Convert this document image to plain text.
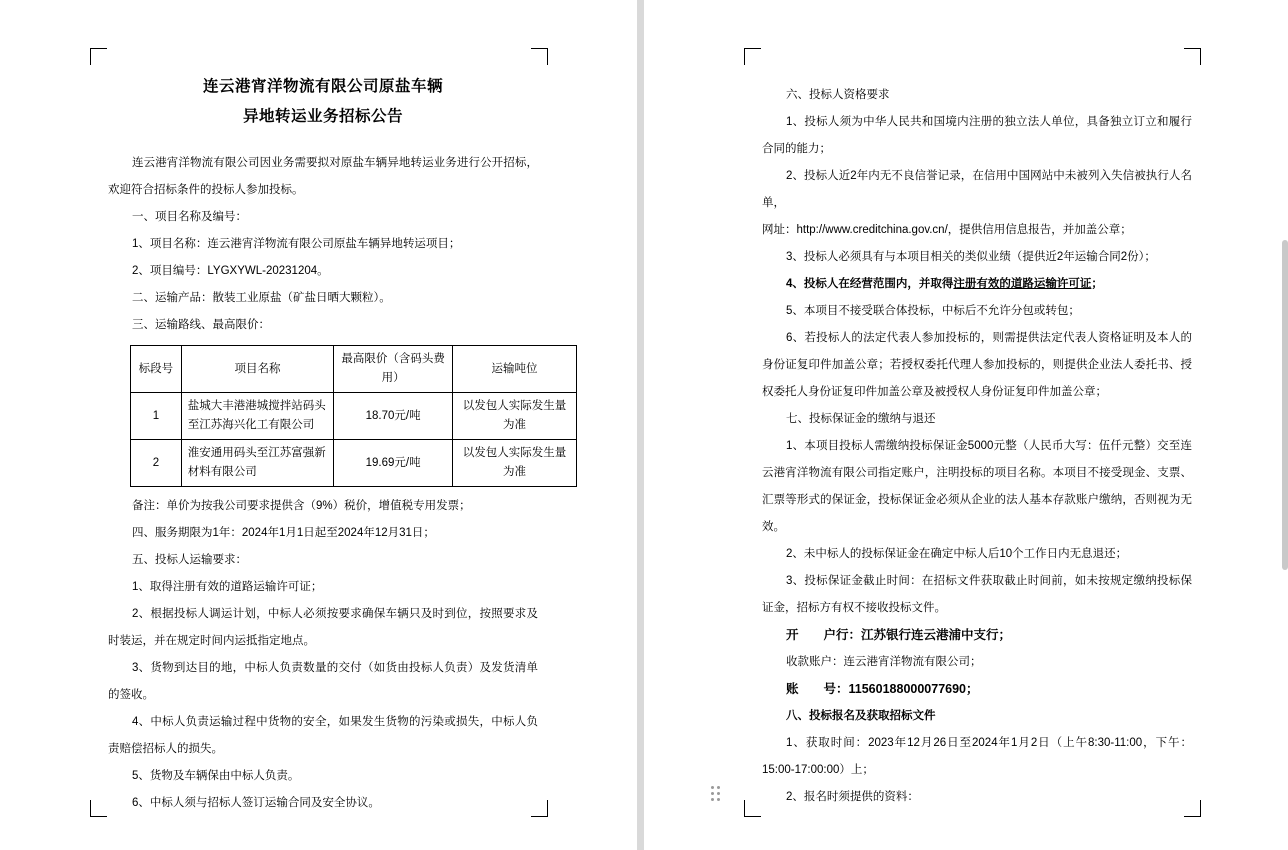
连云港宵洋物流有限公司原盐车辆
异地转运业务招标公告

连云港宵洋物流有限公司因业务需要拟对原盐车辆异地转运业务进行公开招标，欢迎符合招标条件的投标人参加投标。

一、项目名称及编号：

1、项目名称：连云港宵洋物流有限公司原盐车辆异地转运项目；

2、项目编号：LYGXYWL-20231204。

二、运输产品：散装工业原盐（矿盐日晒大颗粒）。

三、运输路线、最高限价：

标段号	项目名称	最高限价（含码头费用）	运输吨位
1	盐城大丰港港城搅拌站码头至江苏海兴化工有限公司	18.70元/吨	以发包人实际发生量为准
2	淮安通用码头至江苏富强新材料有限公司	19.69元/吨	以发包人实际发生量为准

备注：单价为按我公司要求提供含（9%）税价，增值税专用发票；

四、服务期限为1年：2024年1月1日起至2024年12月31日；

五、投标人运输要求：

1、取得注册有效的道路运输许可证；

2、根据投标人调运计划，中标人必须按要求确保车辆只及时到位，按照要求及时装运，并在规定时间内运抵指定地点。

3、货物到达目的地，中标人负责数量的交付（如货由投标人负责）及发货清单的签收。

4、中标人负责运输过程中货物的安全，如果发生货物的污染或损失，中标人负责赔偿招标人的损失。

5、货物及车辆保由中标人负责。

6、中标人须与招标人签订运输合同及安全协议。

六、投标人资格要求

1、投标人须为中华人民共和国境内注册的独立法人单位，具备独立订立和履行合同的能力；

2、投标人近2年内无不良信誉记录，在信用中国网站中未被列入失信被执行人名单，

网址：http://www.creditchina.gov.cn/，提供信用信息报告，并加盖公章；

3、投标人必须具有与本项目相关的类似业绩（提供近2年运输合同2份）；

4、投标人在经营范围内，并取得注册有效的道路运输许可证；

5、本项目不接受联合体投标，中标后不允许分包或转包；

6、若投标人的法定代表人参加投标的，则需提供法定代表人资格证明及本人的身份证复印件加盖公章；若授权委托代理人参加投标的，则提供企业法人委托书、授权委托人身份证复印件加盖公章及被授权人身份证复印件加盖公章；

七、投标保证金的缴纳与退还

1、本项目投标人需缴纳投标保证金5000元整（人民币大写：伍仟元整）交至连云港宵洋物流有限公司指定账户，注明投标的项目名称。本项目不接受现金、支票、汇票等形式的保证金，投标保证金必须从企业的法人基本存款账户缴纳，否则视为无效。

2、未中标人的投标保证金在确定中标人后10个工作日内无息退还；

3、投标保证金截止时间：在招标文件获取截止时间前，如未按规定缴纳投标保证金，招标方有权不接收投标文件。

开　　户行：江苏银行连云港浦中支行；

收款账户：连云港宵洋物流有限公司；

账　　号：11560188000077690；

八、投标报名及获取招标文件

1、获取时间：2023年12月26日至2024年1月2日（上午8:30-11:00，下午：15:00-17:00:00）上；

2、报名时须提供的资料：
